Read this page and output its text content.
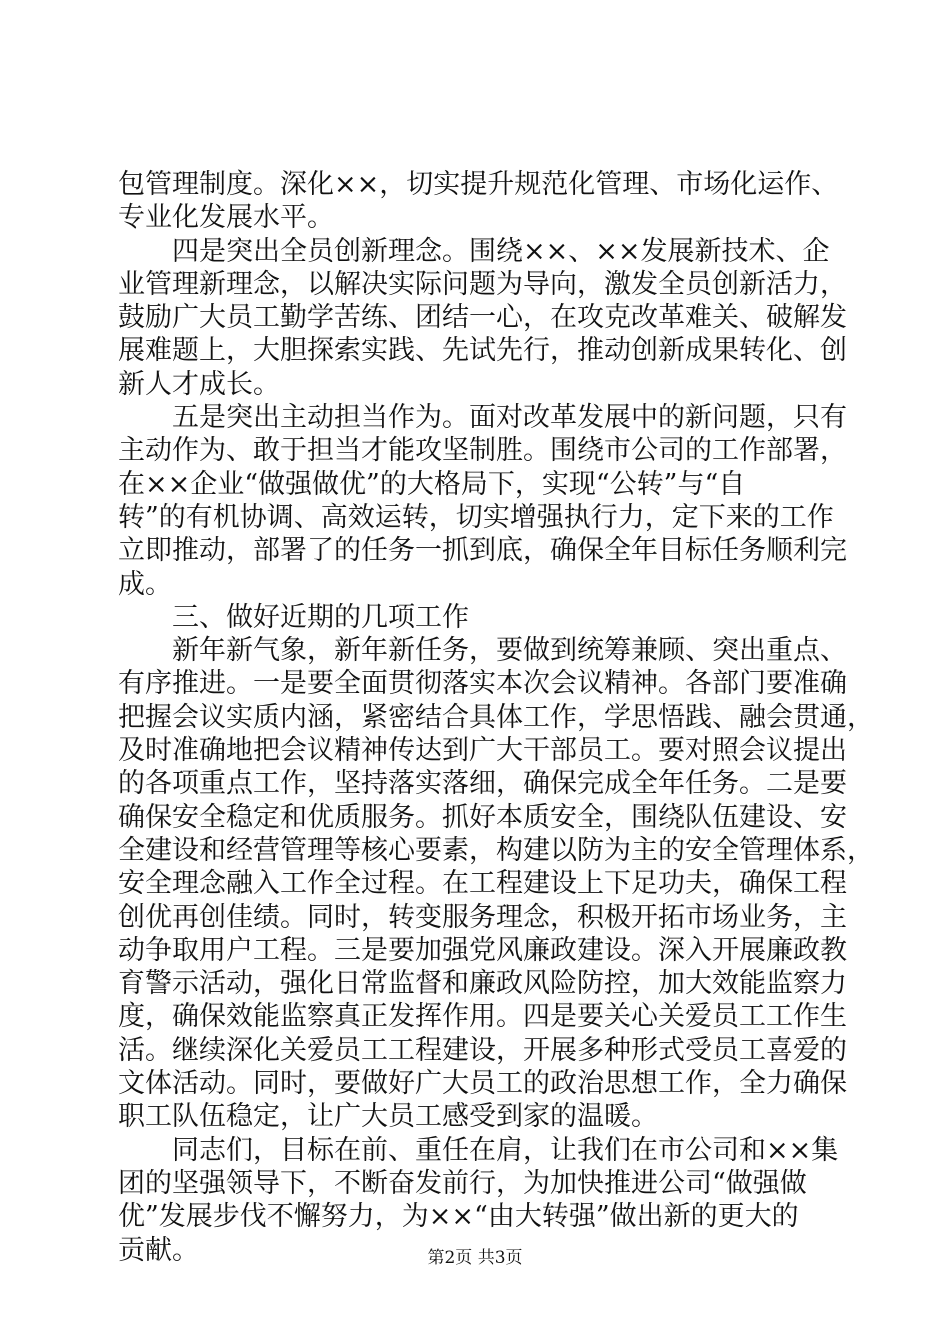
包管理制度。深化××，切实提升规范化管理、市场化运作、
专业化发展水平。
四是突出全员创新理念。围绕××、××发展新技术、企
业管理新理念，以解决实际问题为导向，激发全员创新活力，
鼓励广大员工勤学苦练、团结一心，在攻克改革难关、破解发
展难题上，大胆探索实践、先试先行，推动创新成果转化、创
新人才成长。
五是突出主动担当作为。面对改革发展中的新问题，只有
主动作为、敢于担当才能攻坚制胜。围绕市公司的工作部署，
在××企业“做强做优”的大格局下，实现“公转”与“自
转”的有机协调、高效运转，切实增强执行力，定下来的工作
立即推动，部署了的任务一抓到底，确保全年目标任务顺利完
成。
三、做好近期的几项工作
新年新气象，新年新任务，要做到统筹兼顾、突出重点、
有序推进。一是要全面贯彻落实本次会议精神。各部门要准确
把握会议实质内涵，紧密结合具体工作，学思悟践、融会贯通，
及时准确地把会议精神传达到广大干部员工。要对照会议提出
的各项重点工作，坚持落实落细，确保完成全年任务。二是要
确保安全稳定和优质服务。抓好本质安全，围绕队伍建设、安
全建设和经营管理等核心要素，构建以防为主的安全管理体系，
安全理念融入工作全过程。在工程建设上下足功夫，确保工程
创优再创佳绩。同时，转变服务理念，积极开拓市场业务，主
动争取用户工程。三是要加强党风廉政建设。深入开展廉政教
育警示活动，强化日常监督和廉政风险防控，加大效能监察力
度，确保效能监察真正发挥作用。四是要关心关爱员工工作生
活。继续深化关爱员工工程建设，开展多种形式受员工喜爱的
文体活动。同时，要做好广大员工的政治思想工作，全力确保
职工队伍稳定，让广大员工感受到家的温暖。
同志们，目标在前、重任在肩，让我们在市公司和××集
团的坚强领导下，不断奋发前行，为加快推进公司“做强做
优”发展步伐不懈努力，为××“由大转强”做出新的更大的
贡献。	第2页 共3页
